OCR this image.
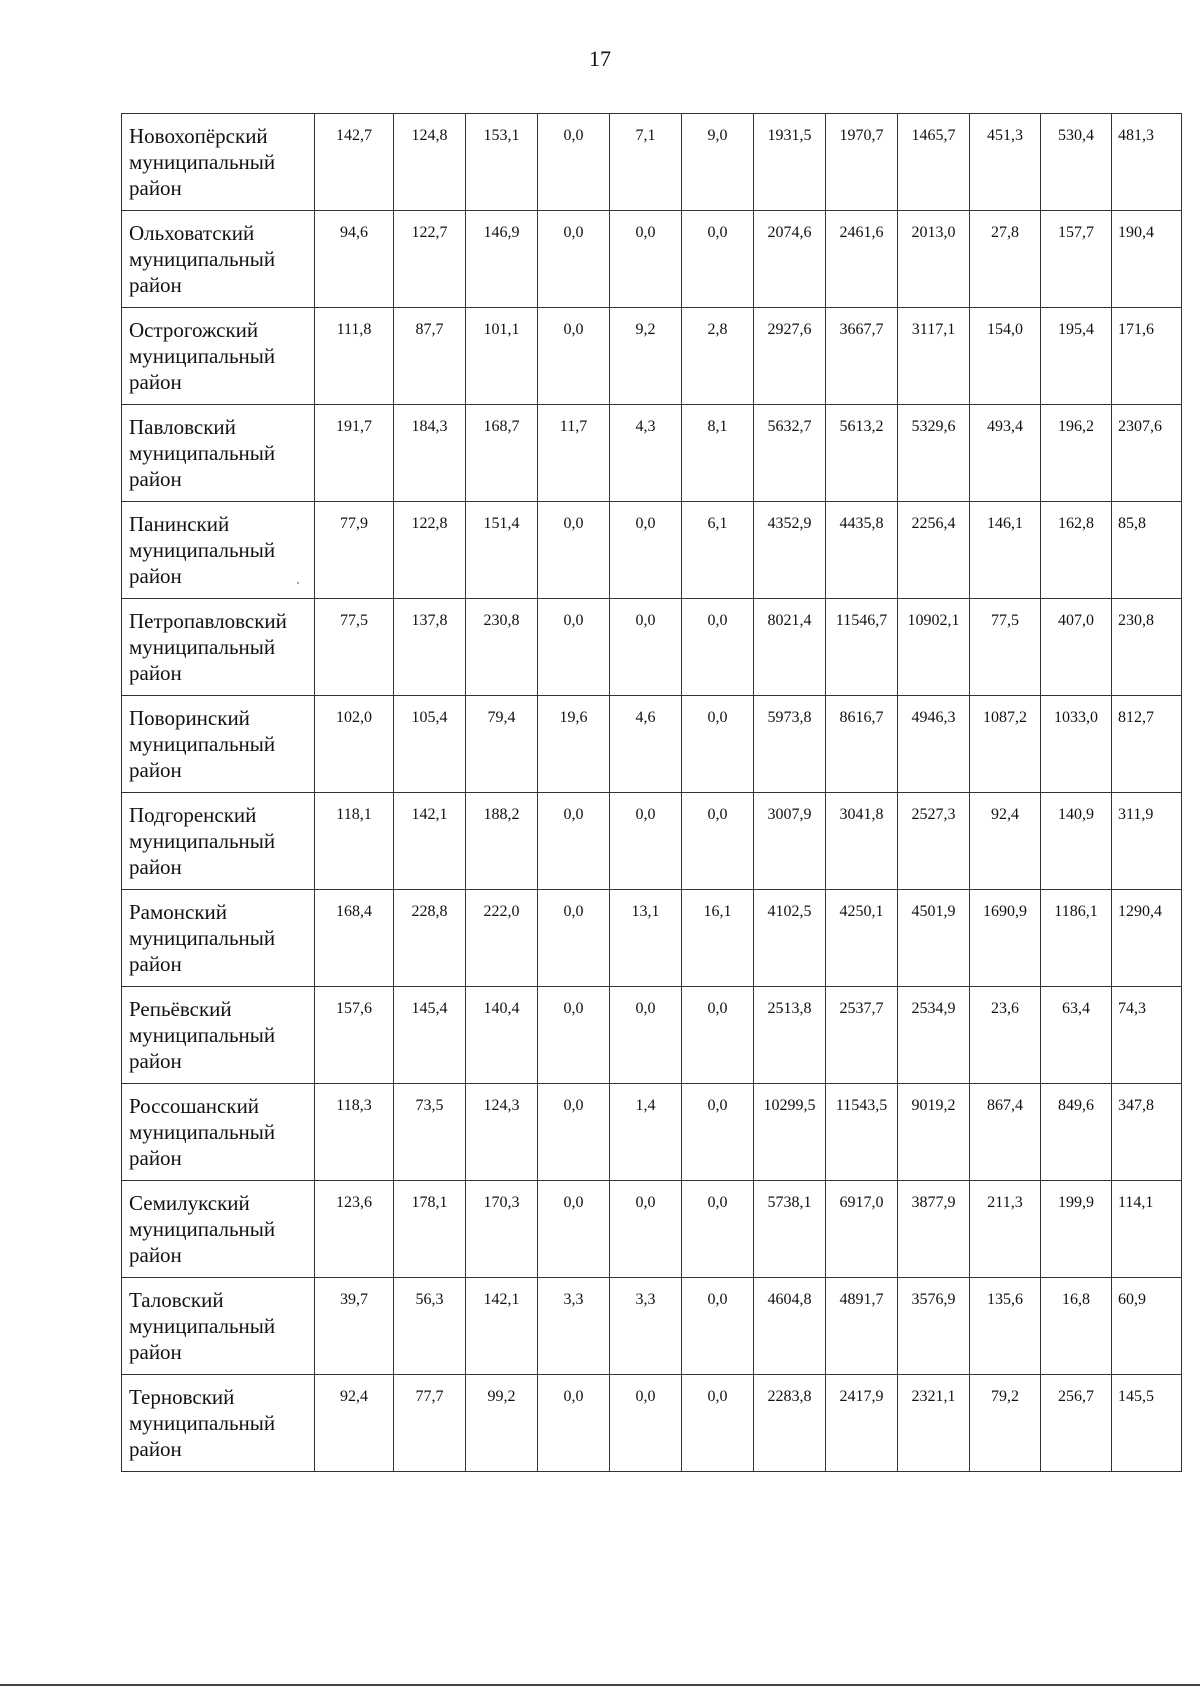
17
Новохопёрский муниципальный район	142,7	124,8	153,1	0,0	7,1	9,0	1931,5	1970,7	1465,7	451,3	530,4	481,3
Ольховатский муниципальный район	94,6	122,7	146,9	0,0	0,0	0,0	2074,6	2461,6	2013,0	27,8	157,7	190,4
Острогожский муниципальный район	111,8	87,7	101,1	0,0	9,2	2,8	2927,6	3667,7	3117,1	154,0	195,4	171,6
Павловский муниципальный район	191,7	184,3	168,7	11,7	4,3	8,1	5632,7	5613,2	5329,6	493,4	196,2	2307,6
Панинский муниципальный район	77,9	122,8	151,4	0,0	0,0	6,1	4352,9	4435,8	2256,4	146,1	162,8	85,8
Петропавловский муниципальный район	77,5	137,8	230,8	0,0	0,0	0,0	8021,4	11546,7	10902,1	77,5	407,0	230,8
Поворинский муниципальный район	102,0	105,4	79,4	19,6	4,6	0,0	5973,8	8616,7	4946,3	1087,2	1033,0	812,7
Подгоренский муниципальный район	118,1	142,1	188,2	0,0	0,0	0,0	3007,9	3041,8	2527,3	92,4	140,9	311,9
Рамонский муниципальный район	168,4	228,8	222,0	0,0	13,1	16,1	4102,5	4250,1	4501,9	1690,9	1186,1	1290,4
Репьёвский муниципальный район	157,6	145,4	140,4	0,0	0,0	0,0	2513,8	2537,7	2534,9	23,6	63,4	74,3
Россошанский муниципальный район	118,3	73,5	124,3	0,0	1,4	0,0	10299,5	11543,5	9019,2	867,4	849,6	347,8
Семилукский муниципальный район	123,6	178,1	170,3	0,0	0,0	0,0	5738,1	6917,0	3877,9	211,3	199,9	114,1
Таловский муниципальный район	39,7	56,3	142,1	3,3	3,3	0,0	4604,8	4891,7	3576,9	135,6	16,8	60,9
Терновский муниципальный район	92,4	77,7	99,2	0,0	0,0	0,0	2283,8	2417,9	2321,1	79,2	256,7	145,5
